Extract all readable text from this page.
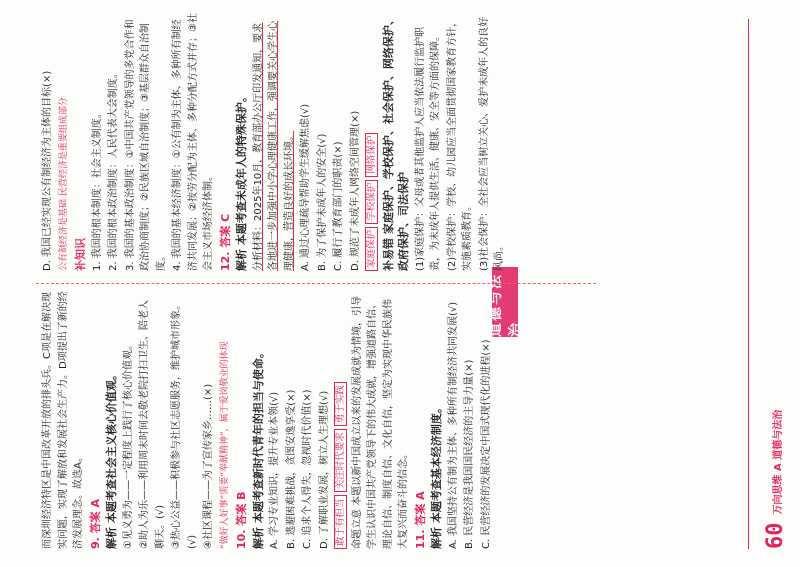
道德与法治

而深圳经济特区是中国改革开放的排头兵。C项是在解决现实问题，实现了解放和发展社会生产力。D项提出了新的经济发展理念。故选A。 9. 答案 A 解析 本题考查社会主义核心价值观。 ①见义勇为——一定程度上践行了核心价值观。 ②助人为乐——利用周末时间去敬老院打扫卫生、陪老人聊天。(√) ③热心公益——积极参与社区志愿服务，维护城市形象。(√) ④社区课程——为了宣传家乡……(×) “做好人好事”需要“奉献精神”，属于爱岗敬业的体现 10. 答案 B 解析 本题考查新时代青年的担当与使命。 A. 学习专业知识，提升专业本领(√) B. 逃避困难挑战，贪图安逸享受(×) C. 追求个人得失，忽视时代价值(×) D. 了解职业发展，树立人生理想(√) 敢于有担当 关注时代要求 勇于实践 命题立意 本题以新中国成立以来的发展成就为情境，引导学生认识中国共产党领导下的伟大成就，增强道路自信、理论自信、制度自信、文化自信，坚定为实现中华民族伟大复兴而奋斗的信念。 11. 答案 A 解析 本题考查基本经济制度。 A. 我国坚持公有制为主体、多种所有制经济共同发展(√) B. 民营经济是我国国民经济的主导力量(×) C. 民营经济的发展决定中国式现代化的进程(×)

D. 我国已经实现公有制经济为主体的目标(×) 公有制经济是基础 民营经济是重要组成部分 补知识 1. 我国的根本制度：社会主义制度。 2. 我国的根本政治制度：人民代表大会制度。 3. 我国的基本政治制度：①中国共产党领导的多党合作和政治协商制度；②民族区域自治制度；③基层群众自治制度。 4. 我国的基本经济制度：①公有制为主体、多种所有制经济共同发展；②按劳分配为主体、多种分配方式并存；③社会主义市场经济体制。 12. 答案 C 解析 本题考查未成年人的特殊保护。 分析材料：2025年10月，教育部办公厅印发通知，要求各地进一步加强中小学心理健康工作，强调要关心学生心理健康，营造良好的成长环境。 A. 通过心理疏导帮助学生缓解焦虑(√) B. 为了保护未成年人的安全(√) C. 履行了教育部门的职责(×) D. 规范了未成年人网络空间管理(×) 家庭保护 学校保护 网络保护 补易错 家庭保护、学校保护、社会保护、网络保护、政府保护、司法保护 (1)家庭保护：父母或者其他监护人应当依法履行监护职责，为未成年人提供生活、健康、安全等方面的保障。 (2)学校保护：学校、幼儿园应当全面贯彻国家教育方针，实施素质教育。 (3)社会保护：全社会应当树立关心、爱护未成年人的良好风尚。

60
万向思维 A 道德与法治
